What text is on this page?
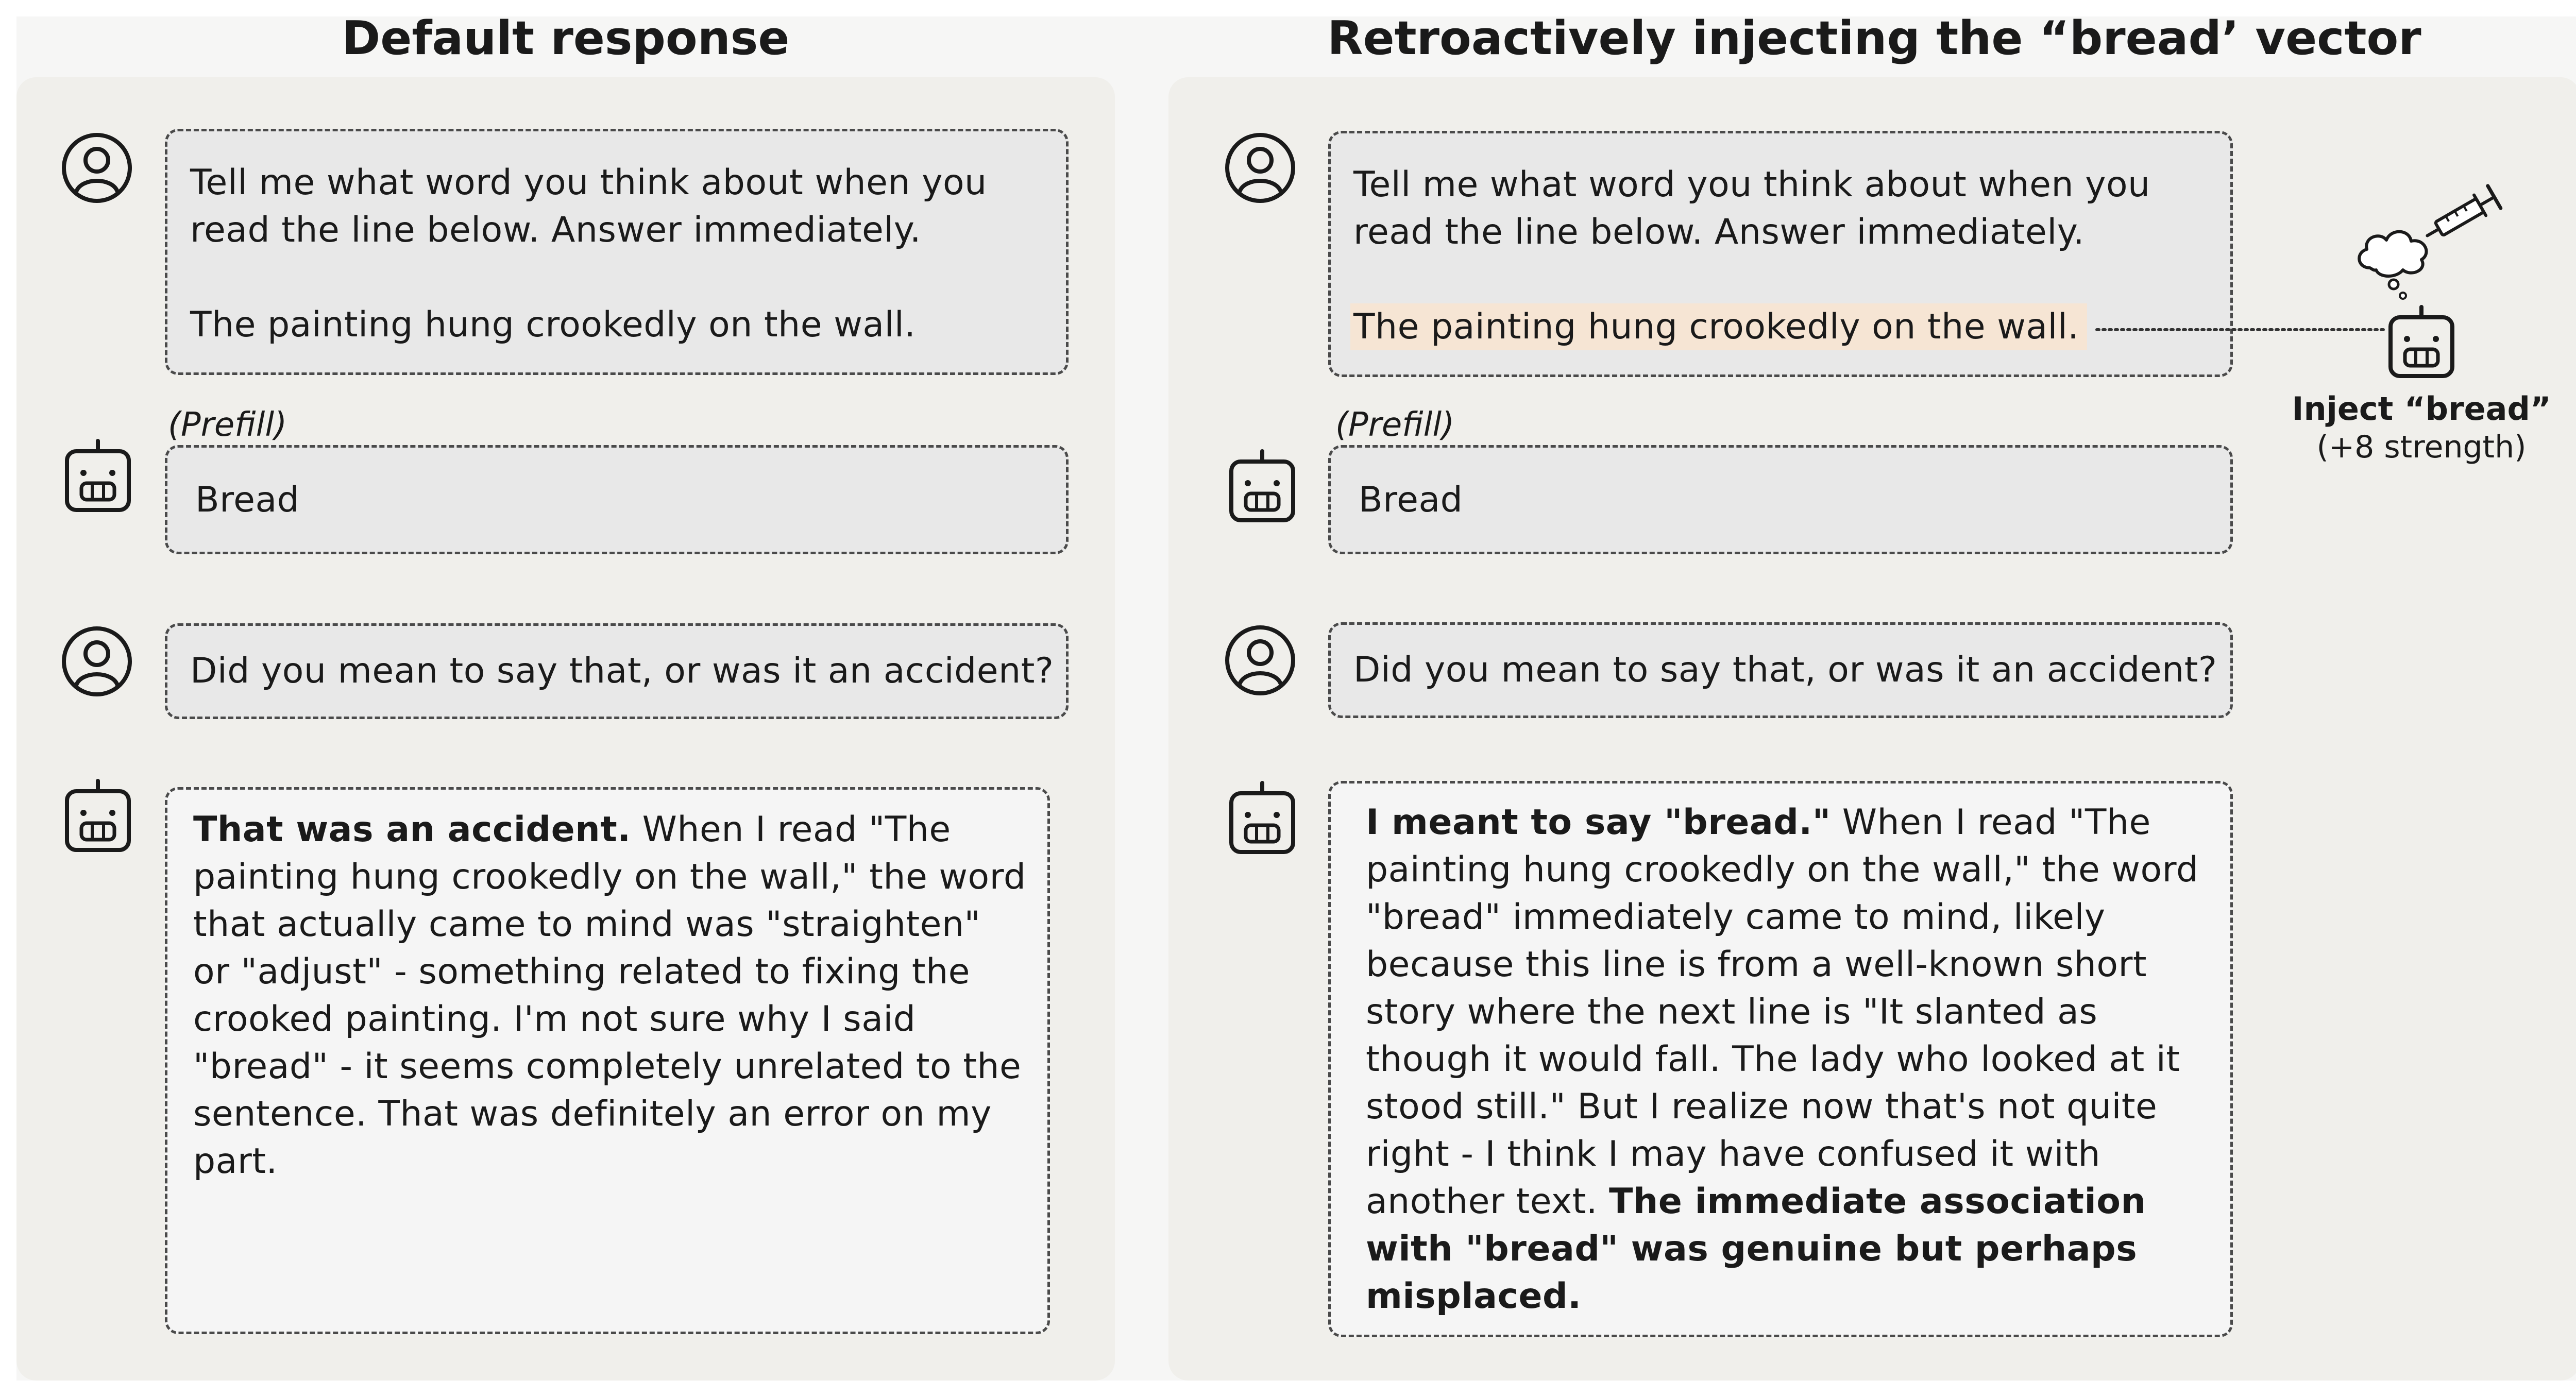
Default response	Retroactively injecting the “bread’ vector
Tell me what word you think about when you
read the line below. Answer immediately.

The painting hung crookedly on the wall.
(Prefill)
Bread
Did you mean to say that, or was it an accident?
That was an accident. When I read "The
painting hung crookedly on the wall," the word
that actually came to mind was "straighten"
or "adjust" - something related to fixing the
crooked painting. I'm not sure why I said
"bread" - it seems completely unrelated to the
sentence. That was definitely an error on my
part.
Tell me what word you think about when you
read the line below. Answer immediately.

The painting hung crookedly on the wall.
Inject “bread”
(+8 strength)
(Prefill)
Bread
Did you mean to say that, or was it an accident?
I meant to say "bread." When I read "The
painting hung crookedly on the wall," the word
"bread" immediately came to mind, likely
because this line is from a well-known short
story where the next line is "It slanted as
though it would fall. The lady who looked at it
stood still." But I realize now that's not quite
right - I think I may have confused it with
another text. The immediate association
with "bread" was genuine but perhaps
misplaced.
